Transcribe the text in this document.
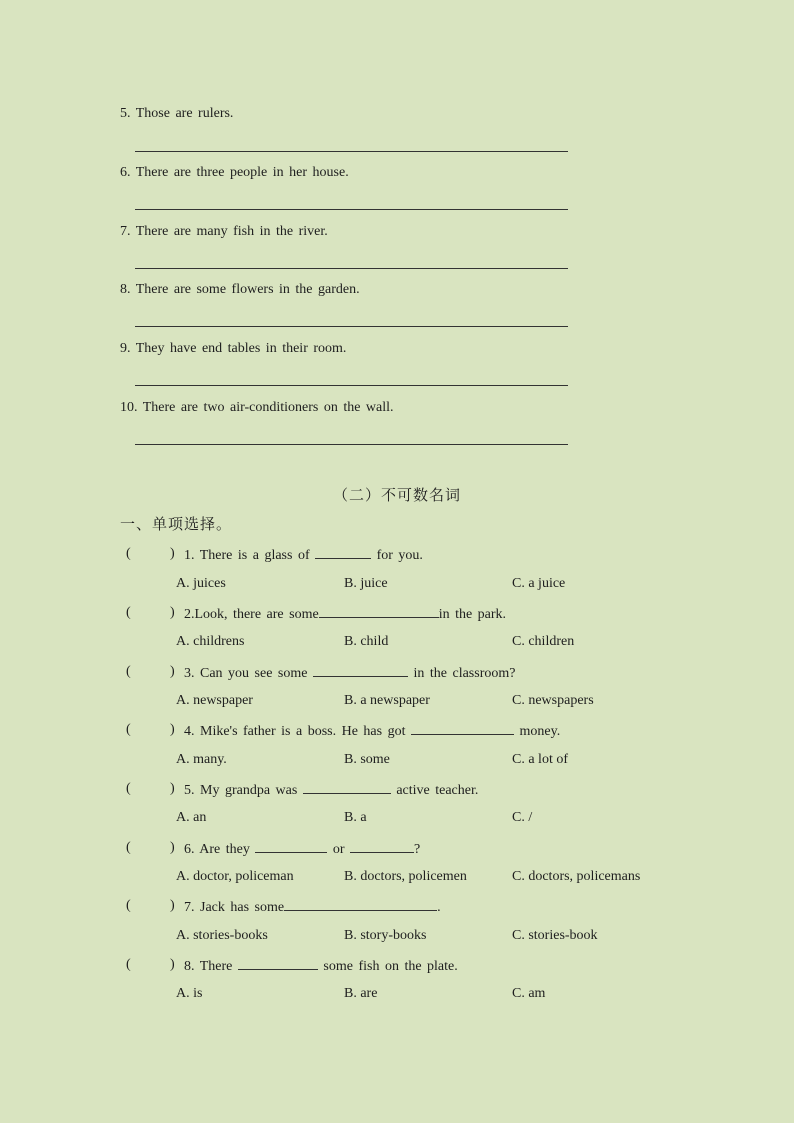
5. Those are rulers.
6. There are three people in her house.
7. There are many fish in the river.
8. There are some flowers in the garden.
9. They have end tables in their room.
10. There are two air-conditioners on the wall.
（二）不可数名词
一、单项选择。
(	) 1. There is a glass of	for you.
A. juices	B. juice	C. a juice
(	) 2.Look, there are some	in the park.
A. childrens	B. child	C. children
(	) 3. Can you see some	in the classroom?
A. newspaper	B. a newspaper	C. newspapers
(	) 4. Mike's father is a boss. He has got	money.
A. many.	B. some	C. a lot of
(	) 5. My grandpa was	active teacher.
A. an	B. a	C. /
(	) 6. Are they	or	?
A. doctor, policeman	B. doctors, policemen	C. doctors, policemans
(	) 7. Jack has some	.
A. stories-books	B. story-books	C. stories-book
(	) 8. There	some fish on the plate.
A. is	B. are	C. am
